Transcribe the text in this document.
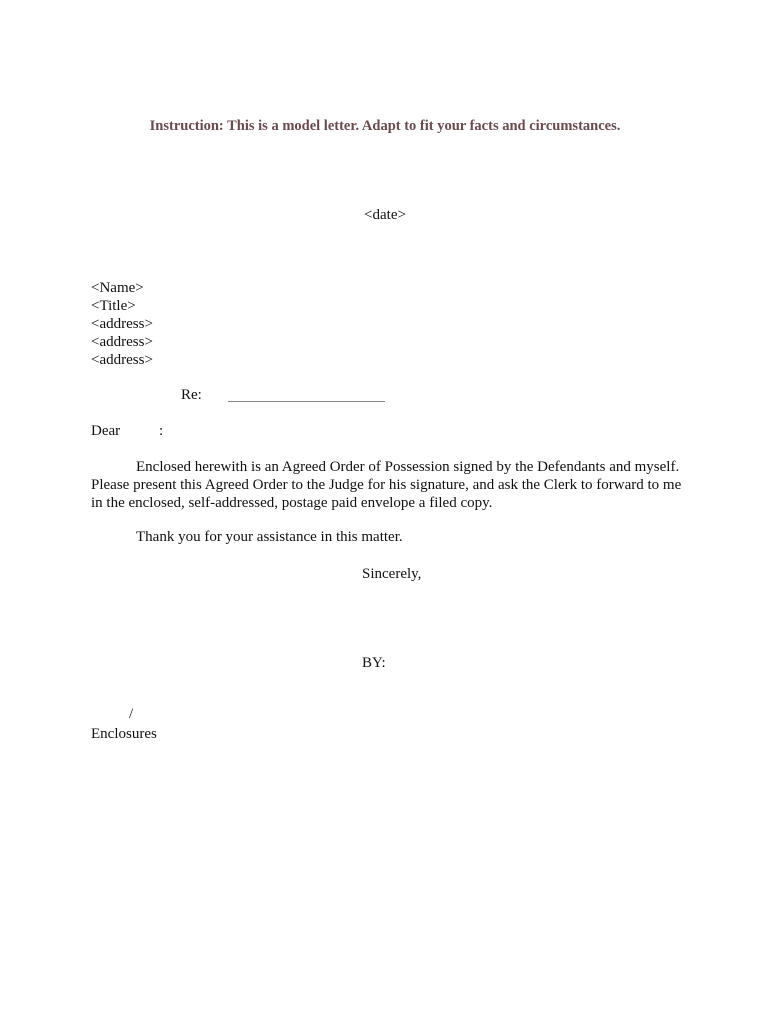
Instruction: This is a model letter. Adapt to fit your facts and circumstances.
<date>
<Name>
<Title>
<address>
<address>
<address>
Re:
Dear	:
Enclosed herewith is an Agreed Order of Possession signed by the Defendants and myself.
Please present this Agreed Order to the Judge for his signature, and ask the Clerk to forward to me
in the enclosed, self-addressed, postage paid envelope a filed copy.
Thank you for your assistance in this matter.
Sincerely,
BY:
/
Enclosures
